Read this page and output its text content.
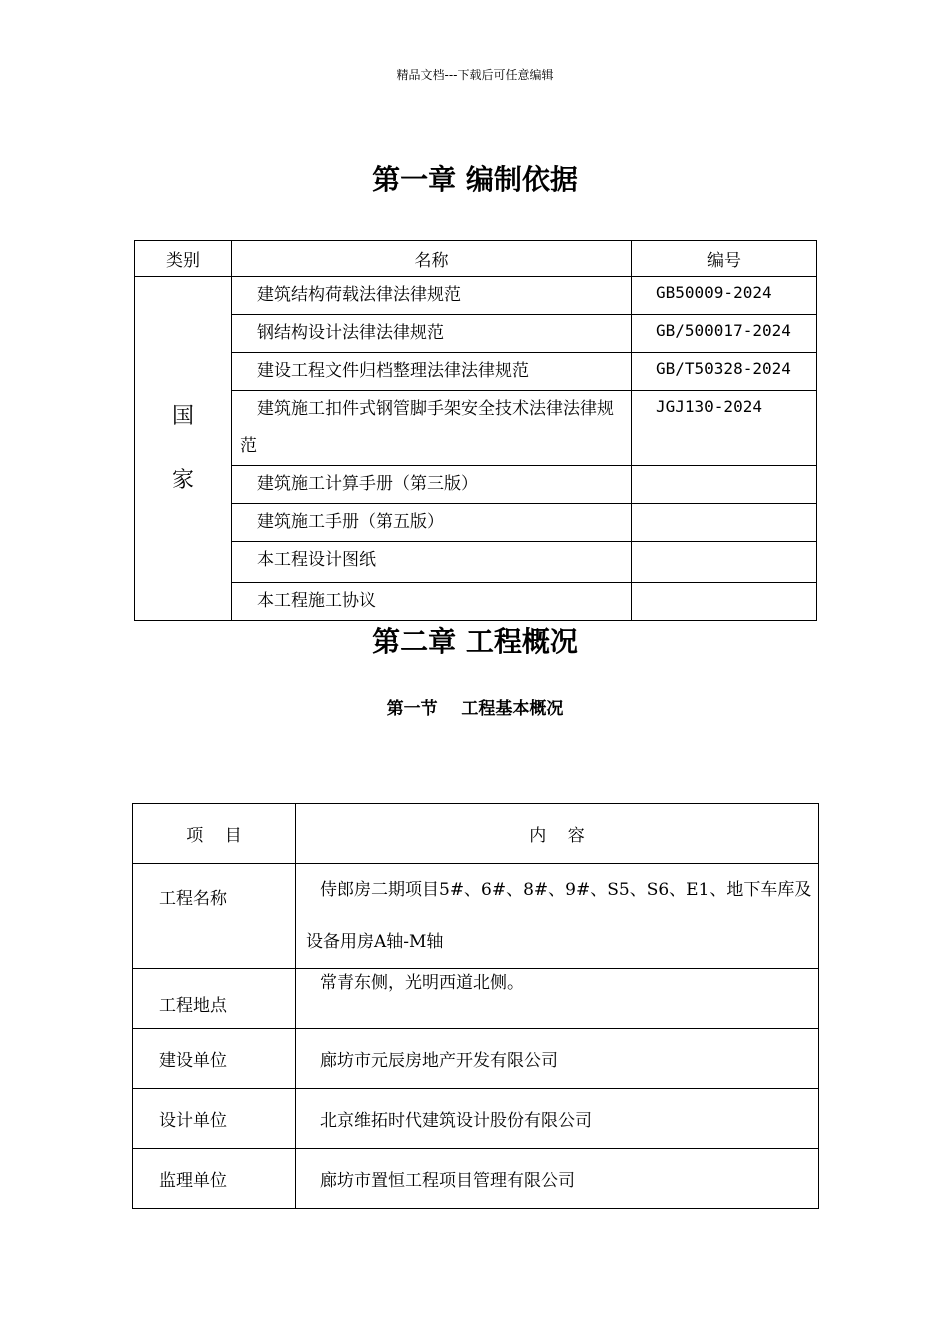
精品文档---下载后可任意编辑
第一章 编制依据
类别	名称	编号

国
家	建筑结构荷载法律法律规范	GB50009-2024
	钢结构设计法律法律规范	GB/500017-2024
	建设工程文件归档整理法律法律规范	GB/T50328-2024
	建筑施工扣件式钢管脚手架安全技术法律法律规范	JGJ130-2024
	建筑施工计算手册（第三版）	
	建筑施工手册（第五版）	
	本工程设计图纸	
	本工程施工协议	
第二章 工程概况
第一节    工程基本概况
项    目	内    容
工程名称	侍郎房二期项目5#、6#、8#、9#、S5、S6、E1、地下车库及设备用房A轴-M轴
工程地点	常青东侧，光明西道北侧。
建设单位	廊坊市元辰房地产开发有限公司
设计单位	北京维拓时代建筑设计股份有限公司
监理单位	廊坊市置恒工程项目管理有限公司
